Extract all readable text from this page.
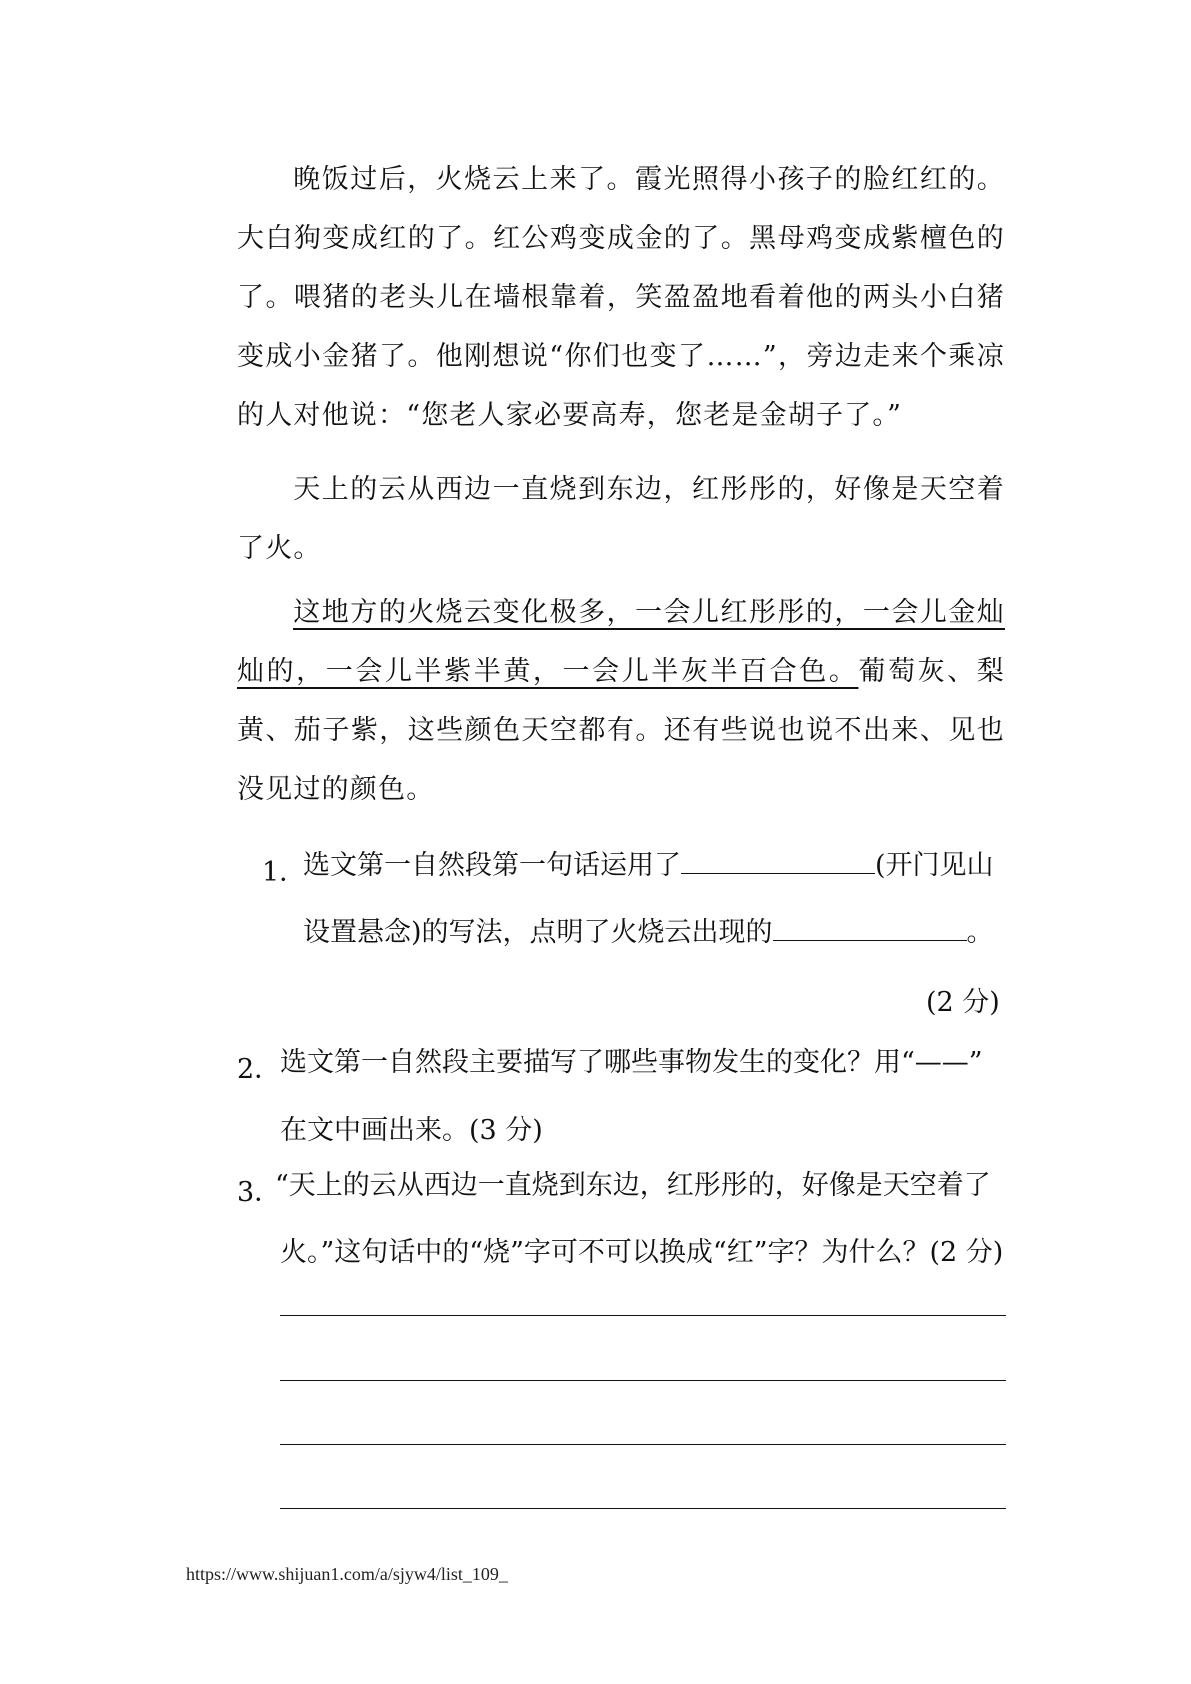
晚饭过后，火烧云上来了。霞光照得小孩子的脸红红的。大白狗变成红的了。红公鸡变成金的了。黑母鸡变成紫檀色的了。喂猪的老头儿在墙根靠着，笑盈盈地看着他的两头小白猪变成小金猪了。他刚想说“你们也变了……”，旁边走来个乘凉的人对他说：“您老人家必要高寿，您老是金胡子了。”

天上的云从西边一直烧到东边，红彤彤的，好像是天空着了火。

这地方的火烧云变化极多，一会儿红彤彤的，一会儿金灿灿的，一会儿半紫半黄，一会儿半灰半百合色。葡萄灰、梨黄、茄子紫，这些颜色天空都有。还有些说也说不出来、见也没见过的颜色。

1．
选文第一自然段第一句话运用了	(开门见山
设置悬念)的写法，点明了火烧云出现的	。
(2 分)
2．
选文第一自然段主要描写了哪些事物发生的变化？用“——”
在文中画出来。(3 分)
3．
“天上的云从西边一直烧到东边，红彤彤的，好像是天空着了
火。”这句话中的“烧”字可不可以换成“红”字？为什么？(2 分)
https://www.shijuan1.com/a/sjyw4/list_109_
